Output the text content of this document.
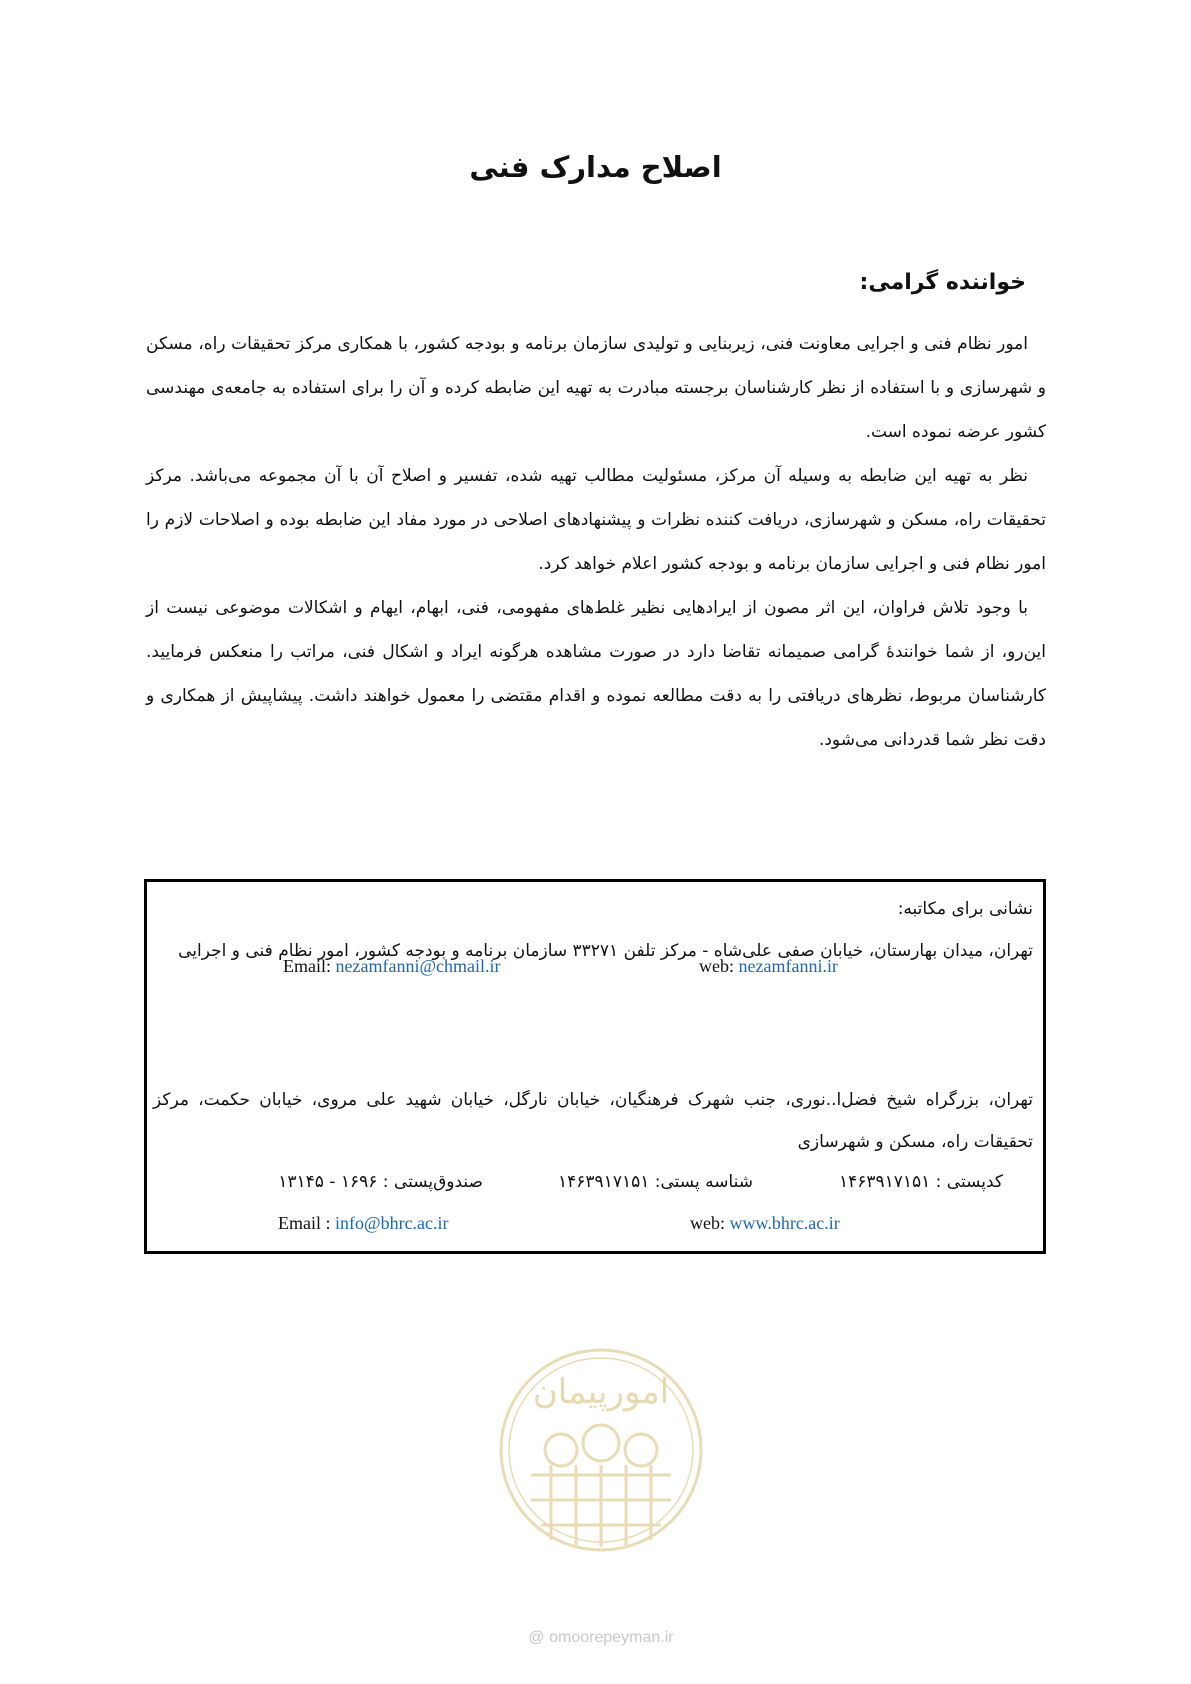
اصلاح مدارک فنی
خواننده گرامی:

امور نظام فنی و اجرایی معاونت فنی، زیربنایی و تولیدی سازمان برنامه و بودجه کشور، با همکاری مرکز تحقیقات راه، مسکن و شهرسازی و با استفاده از نظر کارشناسان برجسته مبادرت به تهیه این ضابطه کرده و آن را برای استفاده به جامعه‌ی مهندسی کشور عرضه نموده است.

نظر به تهیه این ضابطه به وسیله آن مرکز، مسئولیت مطالب تهیه شده، تفسیر و اصلاح آن با آن مجموعه می‌باشد. مرکز تحقیقات راه، مسکن و شهرسازی، دریافت کننده نظرات و پیشنهادهای اصلاحی در مورد مفاد این ضابطه بوده و اصلاحات لازم را امور نظام فنی و اجرایی سازمان برنامه و بودجه کشور اعلام خواهد کرد.

با وجود تلاش فراوان، این اثر مصون از ایرادهایی نظیر غلط‌های مفهومی، فنی، ابهام، ایهام و اشکالات موضوعی نیست از این‌رو، از شما خوانندهٔ گرامی صمیمانه تقاضا دارد در صورت مشاهده هرگونه ایراد و اشکال فنی، مراتب را منعکس فرمایید. کارشناسان مربوط، نظرهای دریافتی را به دقت مطالعه نموده و اقدام مقتضی را معمول خواهند داشت. پیشاپیش از همکاری و دقت نظر شما قدردانی می‌شود.

نشانی برای مکاتبه:
تهران، میدان بهارستان، خیابان صفی علی‌شاه - مرکز تلفن ۳۳۲۷۱ سازمان برنامه و بودجه کشور، امور نظام فنی و اجرایی
Email: nezamfanni@chmail.ir	web: nezamfanni.ir
تهران، بزرگراه شیخ فضل‌ا..نوری، جنب شهرک فرهنگیان، خیابان نارگل، خیابان شهید علی مروی، خیابان حکمت، مرکز تحقیقات راه، مسکن و شهرسازی
کدپستی : ۱۴۶۳۹۱۷۱۵۱
شناسه پستی: ۱۴۶۳۹۱۷۱۵۱
صندوق‌پستی : ۱۶۹۶ - ۱۳۱۴۵
Email : info@bhrc.ac.ir	web: www.bhrc.ac.ir
امورپیمان
@ omoorepeyman.ir
